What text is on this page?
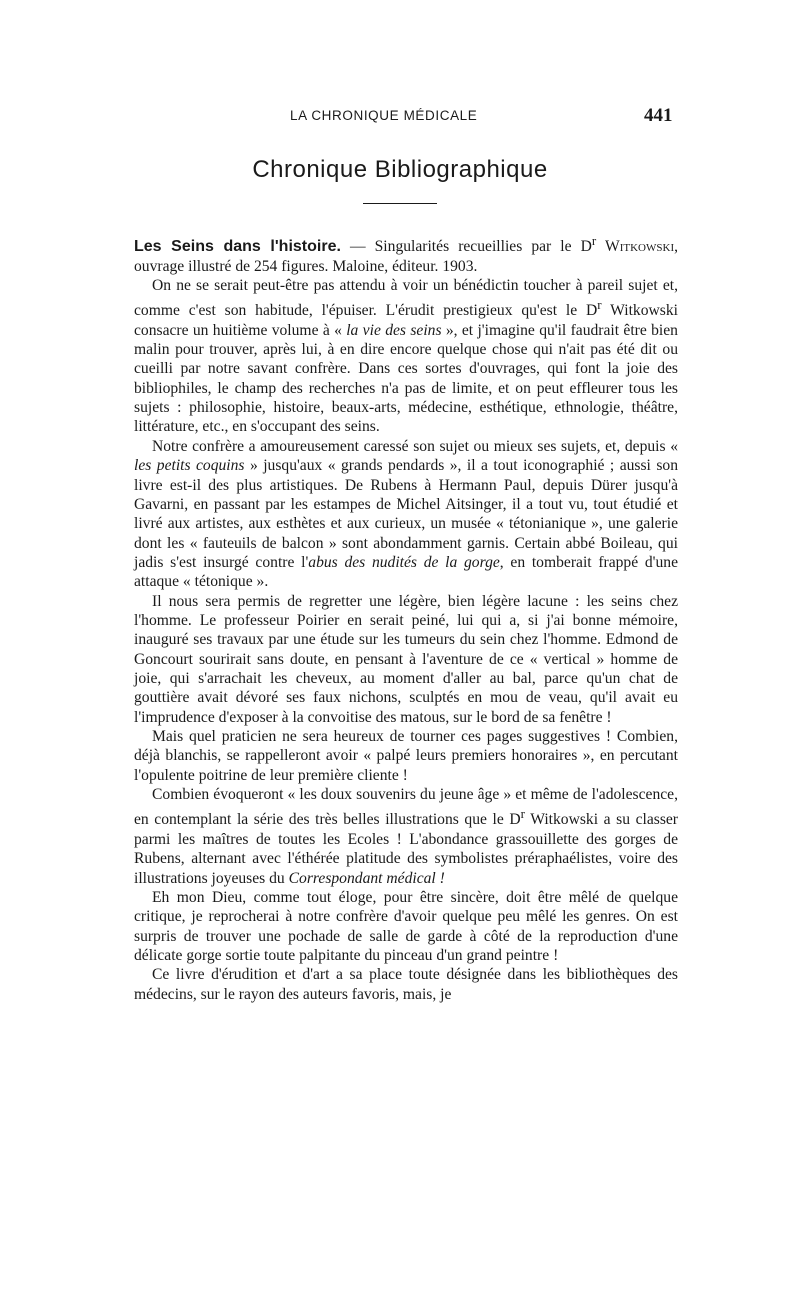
LA CHRONIQUE MÉDICALE	441
Chronique Bibliographique

Les Seins dans l'histoire. — Singularités recueillies par le $D^r$ Witkowski, ouvrage illustré de 254 figures. Maloine, éditeur. 1903.

On ne se serait peut-être pas attendu à voir un bénédictin toucher à pareil sujet et, comme c'est son habitude, l'épuiser. L'érudit prestigieux qu'est le $D^r$ Witkowski consacre un huitième volume à « la vie des seins », et j'imagine qu'il faudrait être bien malin pour trouver, après lui, à en dire encore quelque chose qui n'ait pas été dit ou cueilli par notre savant confrère. Dans ces sortes d'ouvrages, qui font la joie des bibliophiles, le champ des recherches n'a pas de limite, et on peut effleurer tous les sujets : philosophie, histoire, beaux-arts, médecine, esthétique, ethnologie, théâtre, littérature, etc., en s'occupant des seins.

Notre confrère a amoureusement caressé son sujet ou mieux ses sujets, et, depuis « les petits coquins » jusqu'aux « grands pendards », il a tout iconographié ; aussi son livre est-il des plus artistiques. De Rubens à Hermann Paul, depuis Dürer jusqu'à Gavarni, en passant par les estampes de Michel Aitsinger, il a tout vu, tout étudié et livré aux artistes, aux esthètes et aux curieux, un musée « tétonianique », une galerie dont les « fauteuils de balcon » sont abondamment garnis. Certain abbé Boileau, qui jadis s'est insurgé contre l'abus des nudités de la gorge, en tomberait frappé d'une attaque « tétonique ».

Il nous sera permis de regretter une légère, bien légère lacune : les seins chez l'homme. Le professeur Poirier en serait peiné, lui qui a, si j'ai bonne mémoire, inauguré ses travaux par une étude sur les tumeurs du sein chez l'homme. Edmond de Goncourt sourirait sans doute, en pensant à l'aventure de ce « vertical » homme de joie, qui s'arrachait les cheveux, au moment d'aller au bal, parce qu'un chat de gouttière avait dévoré ses faux nichons, sculptés en mou de veau, qu'il avait eu l'imprudence d'exposer à la convoitise des matous, sur le bord de sa fenêtre !

Mais quel praticien ne sera heureux de tourner ces pages suggestives ! Combien, déjà blanchis, se rappelleront avoir « palpé leurs premiers honoraires », en percutant l'opulente poitrine de leur première cliente !

Combien évoqueront « les doux souvenirs du jeune âge » et même de l'adolescence, en contemplant la série des très belles illustrations que le $D^r$ Witkowski a su classer parmi les maîtres de toutes les Ecoles ! L'abondance grassouillette des gorges de Rubens, alternant avec l'éthérée platitude des symbolistes préraphaélistes, voire des illustrations joyeuses du Correspondant médical !

Eh mon Dieu, comme tout éloge, pour être sincère, doit être mêlé de quelque critique, je reprocherai à notre confrère d'avoir quelque peu mêlé les genres. On est surpris de trouver une pochade de salle de garde à côté de la reproduction d'une délicate gorge sortie toute palpitante du pinceau d'un grand peintre !

Ce livre d'érudition et d'art a sa place toute désignée dans les bibliothèques des médecins, sur le rayon des auteurs favoris, mais, je
